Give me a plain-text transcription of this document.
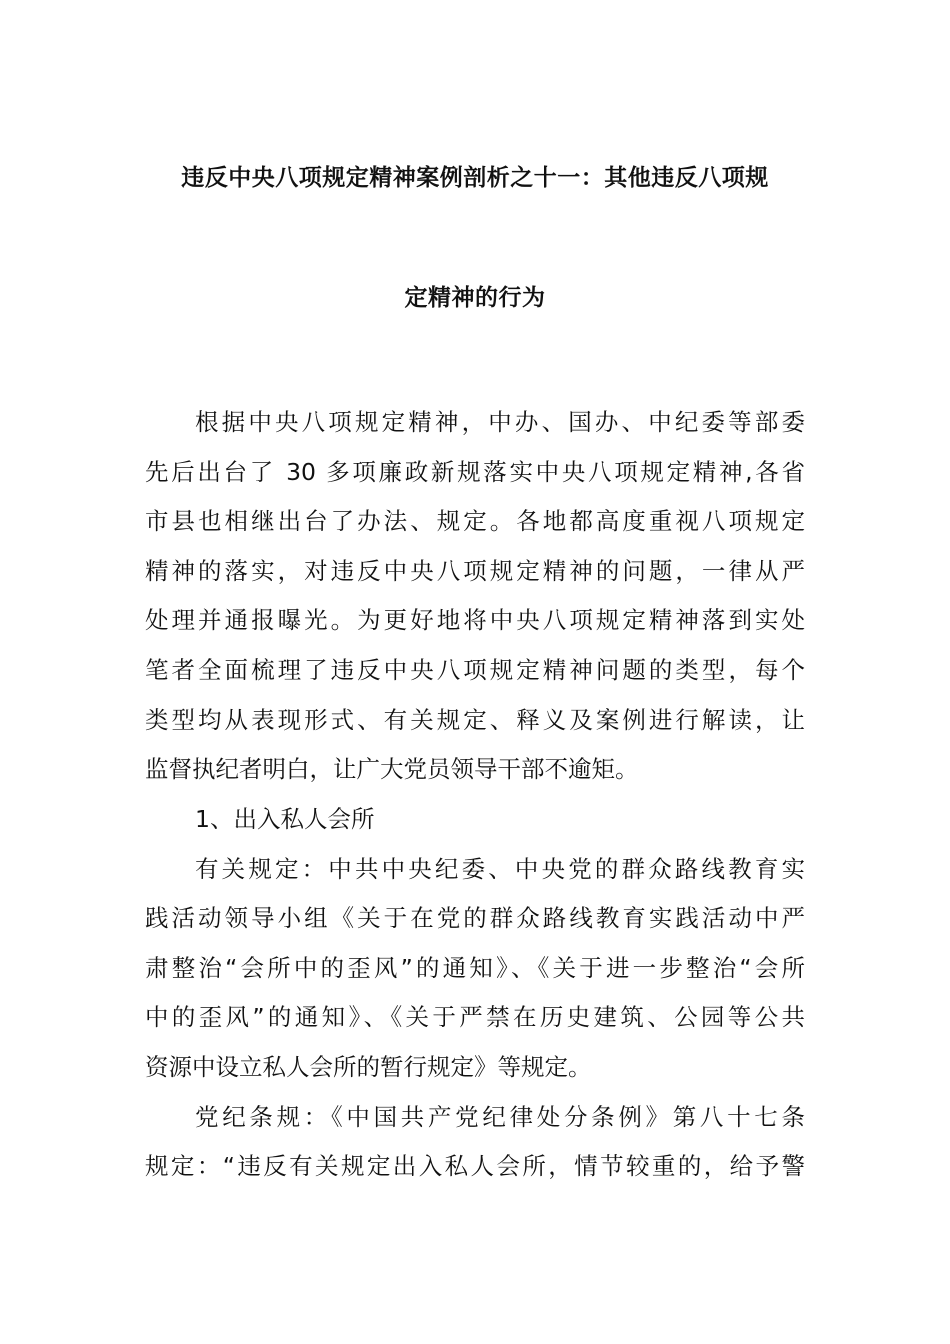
违反中央八项规定精神案例剖析之十一：其他违反八项规
定精神的行为
根据中央八项规定精神，中办、国办、中纪委等部委
先后出台了 30 多项廉政新规落实中央八项规定精神,各省
市县也相继出台了办法、规定。各地都高度重视八项规定
精神的落实，对违反中央八项规定精神的问题，一律从严
处理并通报曝光。为更好地将中央八项规定精神落到实处
笔者全面梳理了违反中央八项规定精神问题的类型，每个
类型均从表现形式、有关规定、释义及案例进行解读，让
监督执纪者明白，让广大党员领导干部不逾矩。
1、出入私人会所
有关规定：中共中央纪委、中央党的群众路线教育实
践活动领导小组《关于在党的群众路线教育实践活动中严
肃整治“会所中的歪风”的通知》、《关于进一步整治“会所
中的歪风”的通知》、《关于严禁在历史建筑、公园等公共
资源中设立私人会所的暂行规定》等规定。
党纪条规：《中国共产党纪律处分条例》第八十七条
规定：“违反有关规定出入私人会所，情节较重的，给予警
